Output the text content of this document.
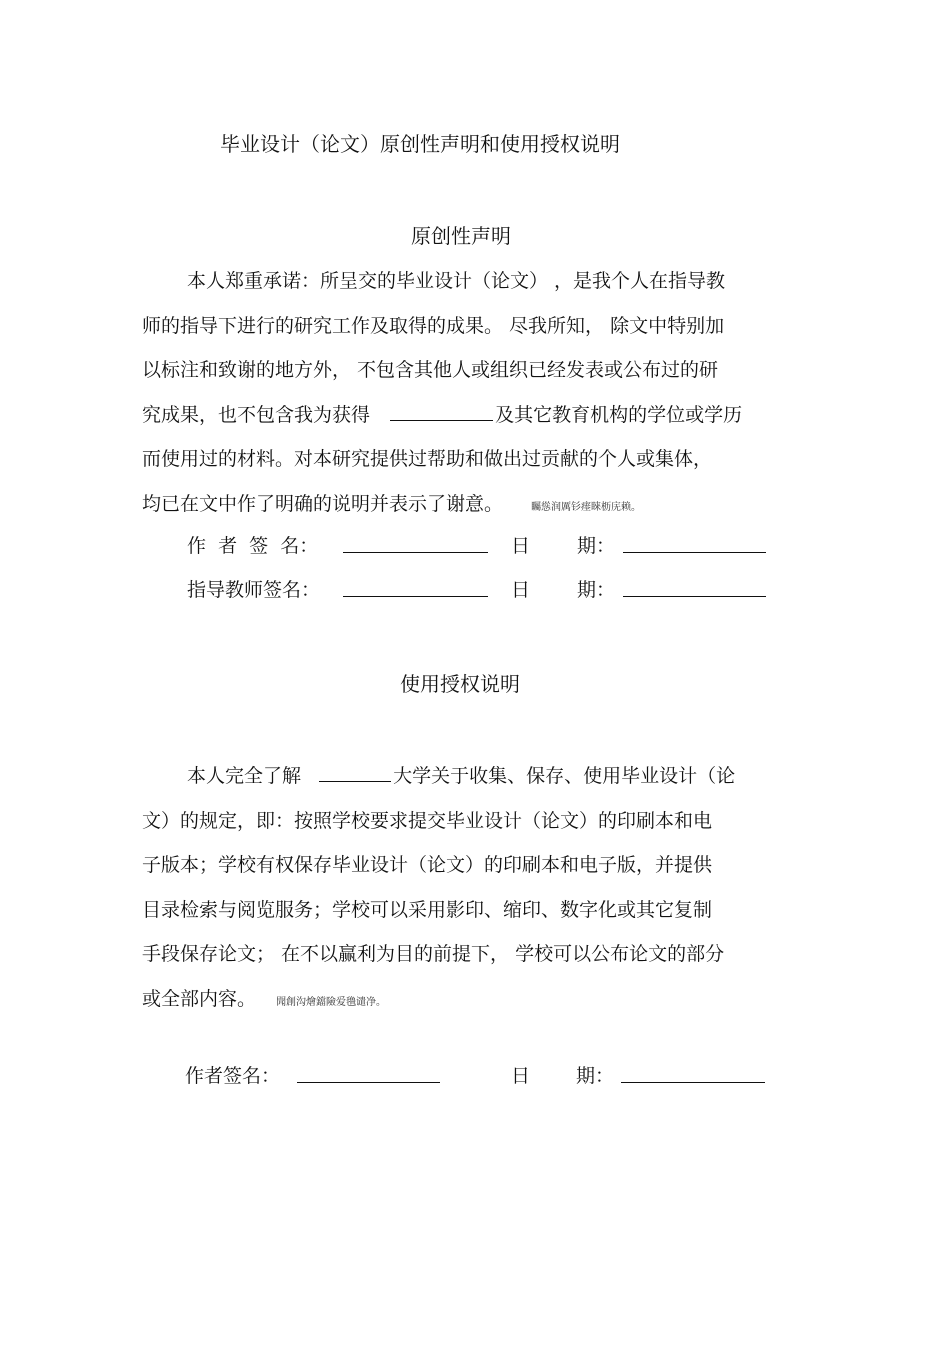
毕业设计（论文）原创性声明和使用授权说明
原创性声明
本人郑重承诺：所呈交的毕业设计（论文） ，是我个人在指导教
师的指导下进行的研究工作及取得的成果。 尽我所知， 除文中特别加
以标注和致谢的地方外， 不包含其他人或组织已经发表或公布过的研
究成果，也不包含我为获得	及其它教育机构的学位或学历
而使用过的材料。对本研究提供过帮助和做出过贡献的个人或集体，
均已在文中作了明确的说明并表示了谢意。	矚慫润厲钐瘗睞枥庑赖。
作  者  签  名：	日 期：
指导教师签名：	日 期：
使用授权说明
本人完全了解	大学关于收集、保存、使用毕业设计（论
文）的规定，即：按照学校要求提交毕业设计（论文）的印刷本和电
子版本；学校有权保存毕业设计（论文）的印刷本和电子版，并提供
目录检索与阅览服务；学校可以采用影印、缩印、数字化或其它复制
手段保存论文； 在不以赢利为目的前提下， 学校可以公布论文的部分
或全部内容。 聞創沟燴鐺險爱氇谴净。
作者签名：	日 期：
